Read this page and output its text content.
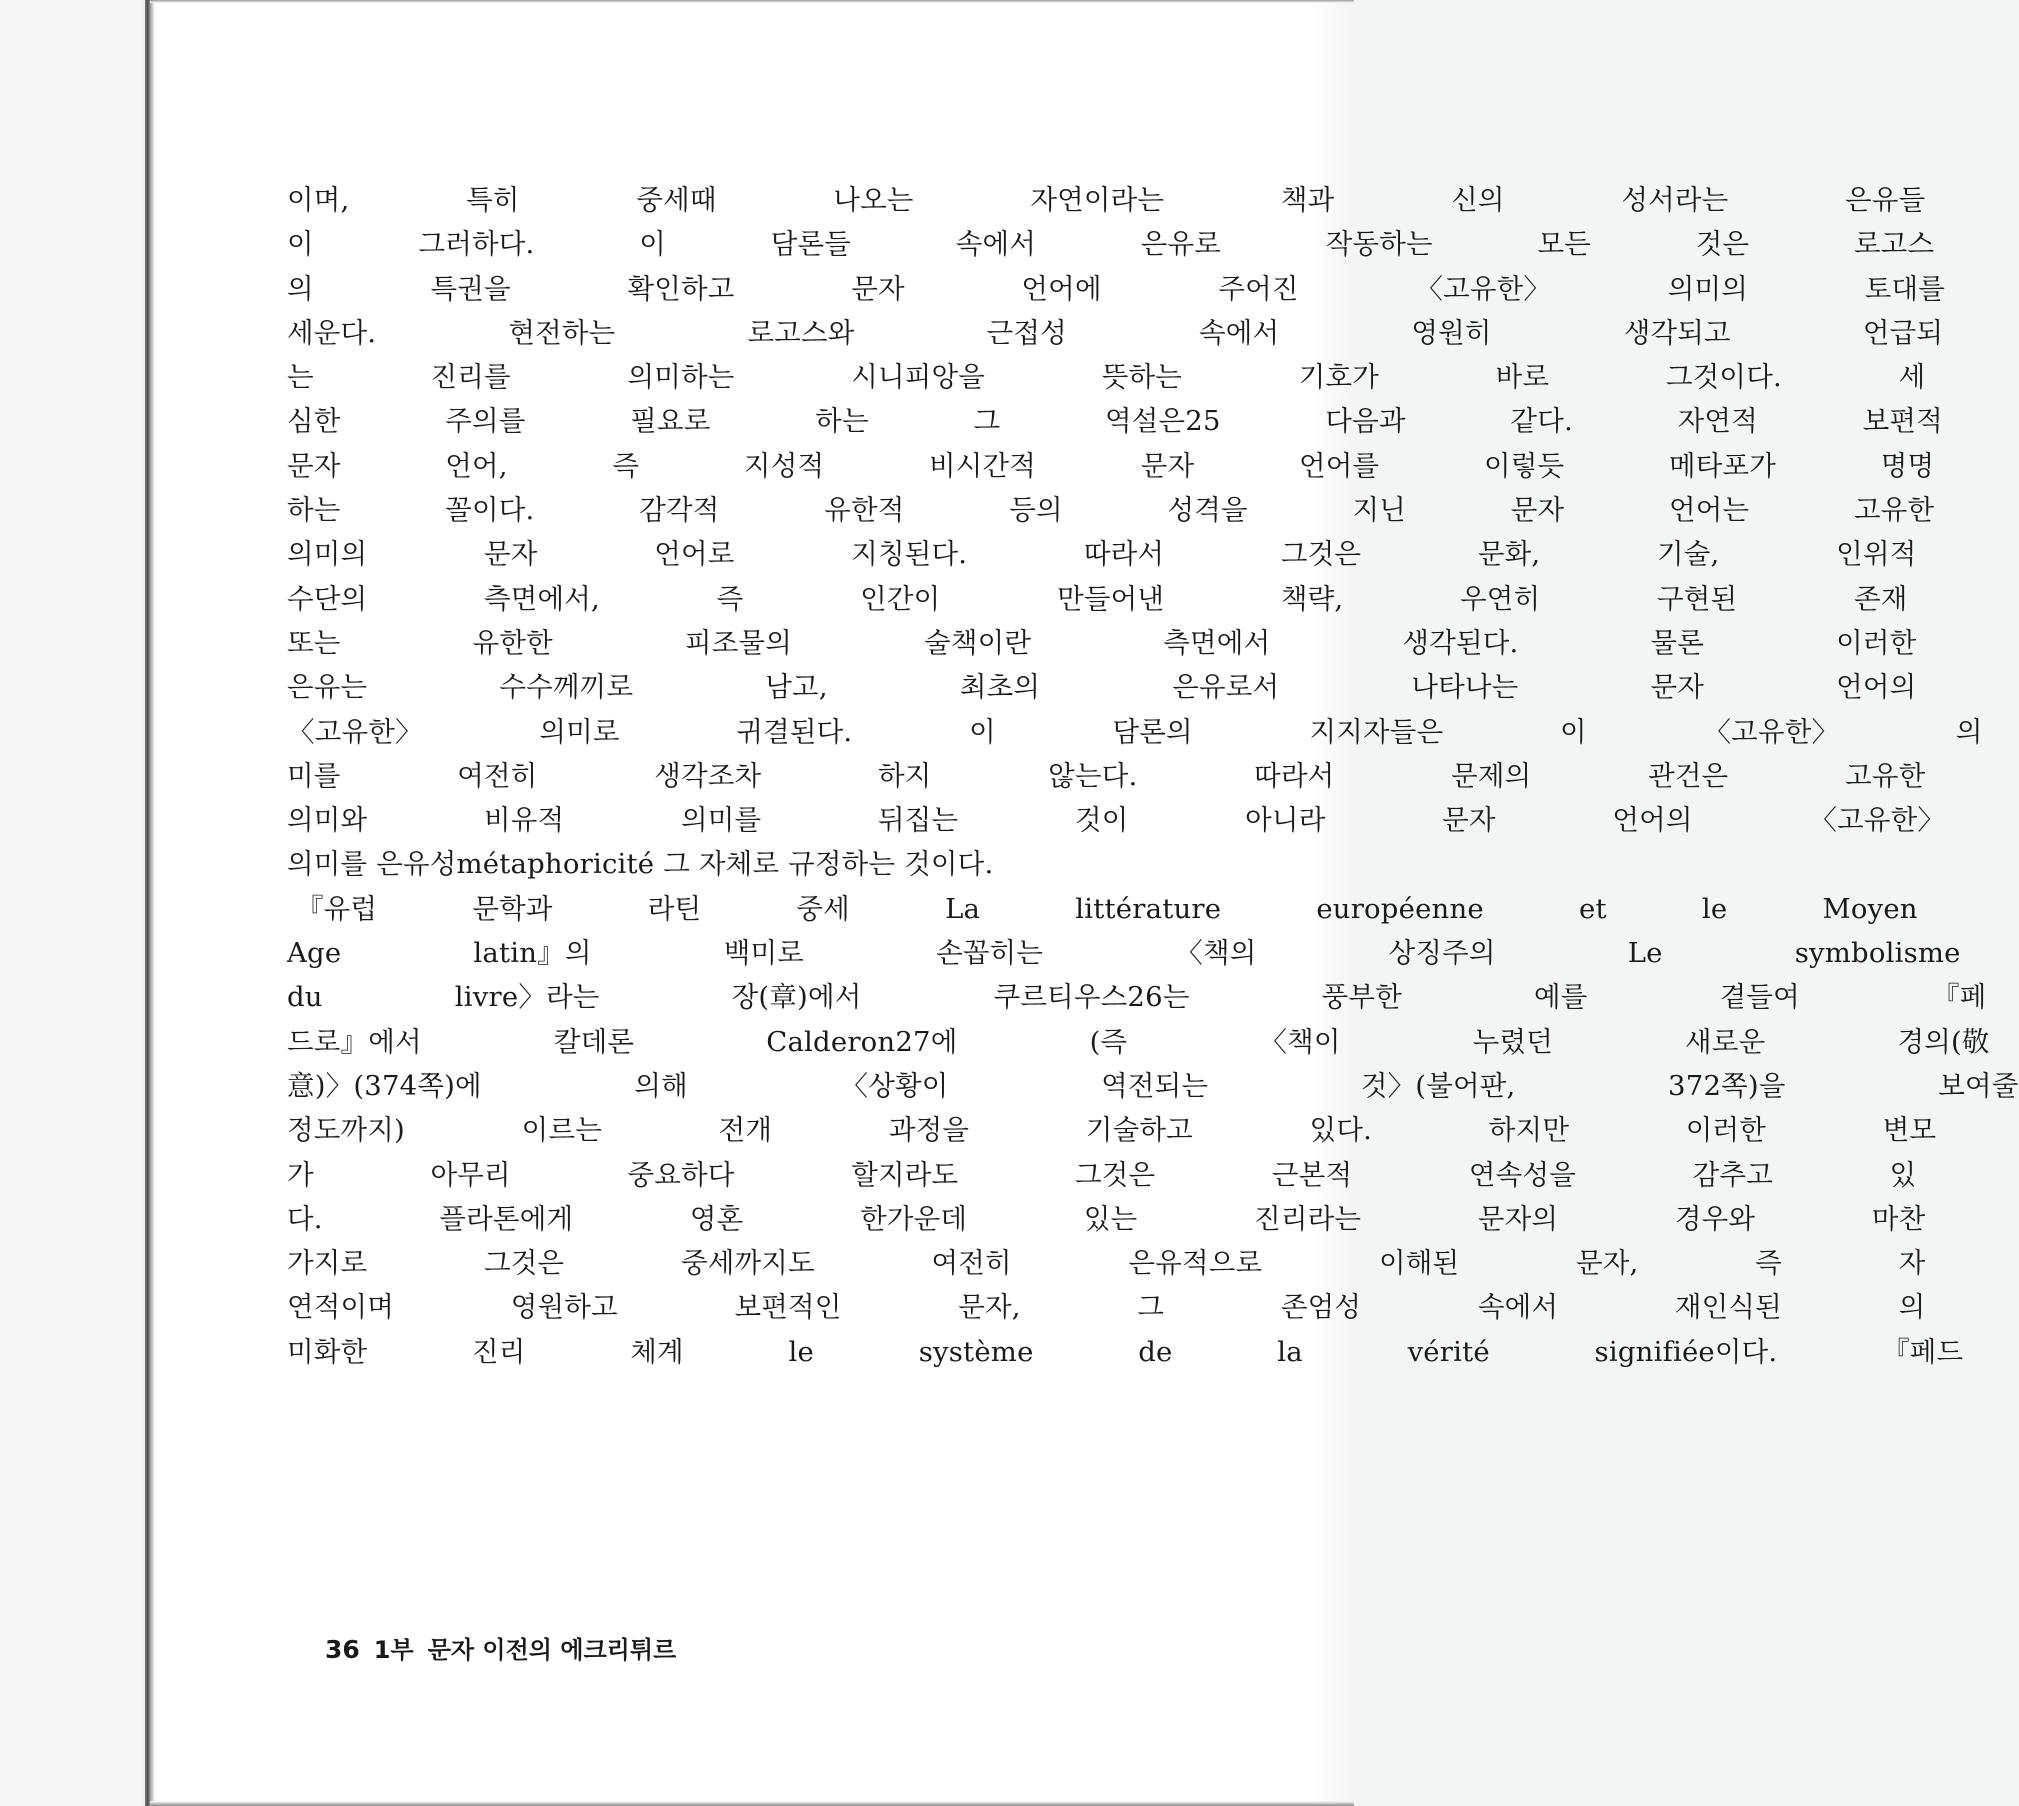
이며, 특히 중세때 나오는 자연이라는 책과 신의 성서라는 은유들
이 그러하다. 이 담론들 속에서 은유로 작동하는 모든 것은 로고스
의 특권을 확인하고 문자 언어에 주어진 〈고유한〉 의미의 토대를
세운다. 현전하는 로고스와 근접성 속에서 영원히 생각되고 언급되
는 진리를 의미하는 시니피앙을 뜻하는 기호가 바로 그것이다. 세
심한 주의를 필요로 하는 그 역설은25 다음과 같다. 자연적 보편적
문자 언어, 즉 지성적 비시간적 문자 언어를 이렇듯 메타포가 명명
하는 꼴이다. 감각적 유한적 등의 성격을 지닌 문자 언어는 고유한
의미의 문자 언어로 지칭된다. 따라서 그것은 문화, 기술, 인위적
수단의 측면에서, 즉 인간이 만들어낸 책략, 우연히 구현된 존재
또는 유한한 피조물의 술책이란 측면에서 생각된다. 물론 이러한
은유는 수수께끼로 남고, 최초의 은유로서 나타나는 문자 언어의
〈고유한〉 의미로 귀결된다. 이 담론의 지지자들은 이 〈고유한〉 의
미를 여전히 생각조차 하지 않는다. 따라서 문제의 관건은 고유한
의미와 비유적 의미를 뒤집는 것이 아니라 문자 언어의 〈고유한〉
의미를 은유성métaphoricité 그 자체로 규정하는 것이다.
『유럽 문학과 라틴 중세 La littérature européenne et le Moyen
Age latin』의 백미로 손꼽히는 〈책의 상징주의 Le symbolisme
du livre〉라는 장(章)에서 쿠르티우스26는 풍부한 예를 곁들여 『페
드로』에서 칼데론 Calderon27에 (즉 〈책이 누렸던 새로운 경의(敬
意)〉(374쪽)에 의해 〈상황이 역전되는 것〉(불어판, 372쪽)을 보여줄
정도까지) 이르는 전개 과정을 기술하고 있다. 하지만 이러한 변모
가 아무리 중요하다 할지라도 그것은 근본적 연속성을 감추고 있
다. 플라톤에게 영혼 한가운데 있는 진리라는 문자의 경우와 마찬
가지로 그것은 중세까지도 여전히 은유적으로 이해된 문자, 즉 자
연적이며 영원하고 보편적인 문자, 그 존엄성 속에서 재인식된 의
미화한 진리 체계 le système de la vérité signifiée이다. 『페드
36 1부 문자 이전의 에크리튀르
